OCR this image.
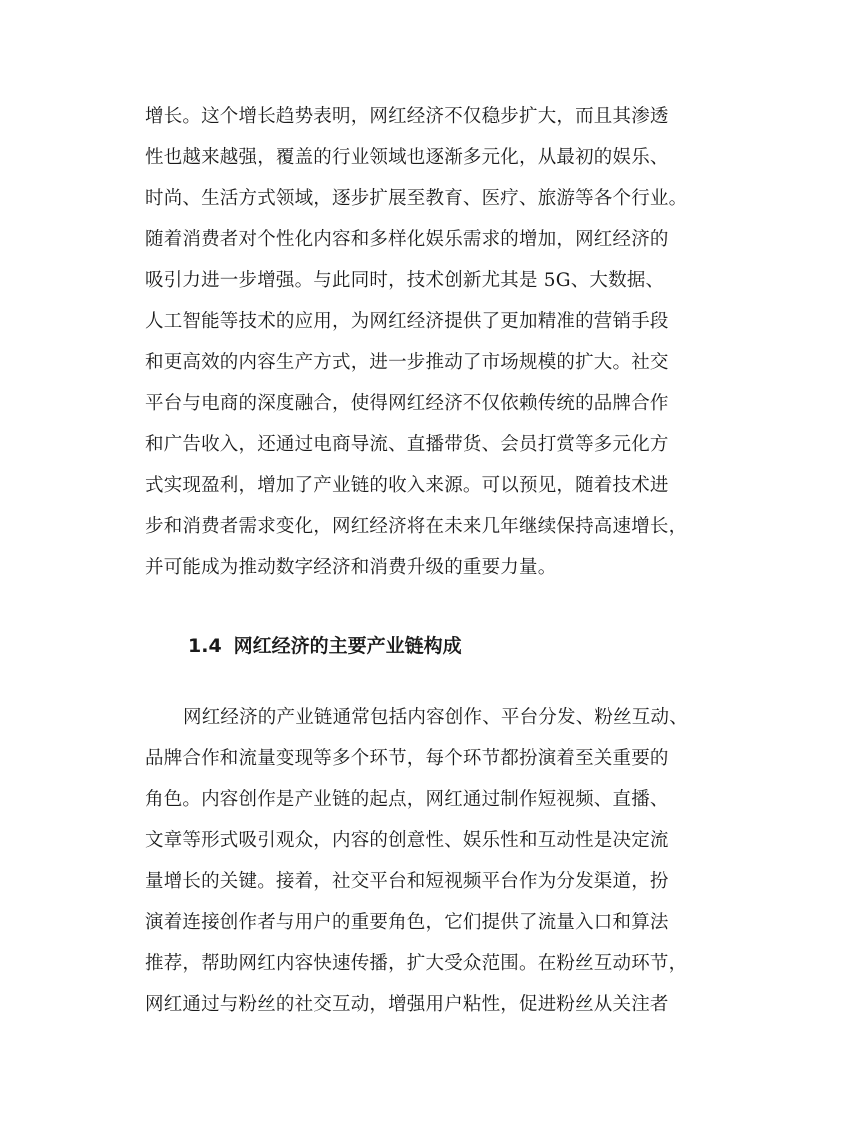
增长。这个增长趋势表明，网红经济不仅稳步扩大，而且其渗透
性也越来越强，覆盖的行业领域也逐渐多元化，从最初的娱乐、
时尚、生活方式领域，逐步扩展至教育、医疗、旅游等各个行业。
随着消费者对个性化内容和多样化娱乐需求的增加，网红经济的
吸引力进一步增强。与此同时，技术创新尤其是 5G、大数据、
人工智能等技术的应用，为网红经济提供了更加精准的营销手段
和更高效的内容生产方式，进一步推动了市场规模的扩大。社交
平台与电商的深度融合，使得网红经济不仅依赖传统的品牌合作
和广告收入，还通过电商导流、直播带货、会员打赏等多元化方
式实现盈利，增加了产业链的收入来源。可以预见，随着技术进
步和消费者需求变化，网红经济将在未来几年继续保持高速增长，
并可能成为推动数字经济和消费升级的重要力量。
1.4 网红经济的主要产业链构成
网红经济的产业链通常包括内容创作、平台分发、粉丝互动、
品牌合作和流量变现等多个环节，每个环节都扮演着至关重要的
角色。内容创作是产业链的起点，网红通过制作短视频、直播、
文章等形式吸引观众，内容的创意性、娱乐性和互动性是决定流
量增长的关键。接着，社交平台和短视频平台作为分发渠道，扮
演着连接创作者与用户的重要角色，它们提供了流量入口和算法
推荐，帮助网红内容快速传播，扩大受众范围。在粉丝互动环节，
网红通过与粉丝的社交互动，增强用户粘性，促进粉丝从关注者
